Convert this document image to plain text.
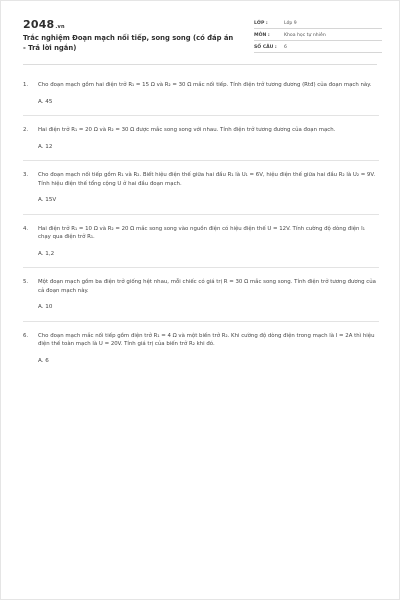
2048.vn
Trắc nghiệm Đoạn mạch nối tiếp, song song (có đáp án - Trả lời ngắn)
LỚP :	Lớp 9
MÔN :	Khoa học tự nhiên
SỐ CÂU :	6
1.	Cho đoạn mạch gồm hai điện trở R₁ = 15 Ω và R₂ = 30 Ω mắc nối tiếp. Tính điện trở tương đương (Rtđ) của đoạn mạch này.
A. 45
2.	Hai điện trở R₁ = 20 Ω và R₂ = 30 Ω được mắc song song với nhau. Tính điện trở tương đương của đoạn mạch.
A. 12
3.	Cho đoạn mạch nối tiếp gồm R₁ và R₂. Biết hiệu điện thế giữa hai đầu R₁ là U₁ = 6V, hiệu điện thế giữa hai đầu R₂ là U₂ = 9V. Tính hiệu điện thế tổng cộng U ở hai đầu đoạn mạch.
A. 15V
4.	Hai điện trở R₁ = 10 Ω và R₂ = 20 Ω mắc song song vào nguồn điện có hiệu điện thế U = 12V. Tính cường độ dòng điện I₁ chạy qua điện trở R₁.
A. 1,2
5.	Một đoạn mạch gồm ba điện trở giống hệt nhau, mỗi chiếc có giá trị R = 30 Ω mắc song song. Tính điện trở tương đương của cả đoạn mạch này.
A. 10
6.	Cho đoạn mạch mắc nối tiếp gồm điện trở R₁ = 4 Ω và một biến trở R₂. Khi cường độ dòng điện trong mạch là I = 2A thì hiệu điện thế toàn mạch là U = 20V. Tính giá trị của biến trở R₂ khi đó.
A. 6
